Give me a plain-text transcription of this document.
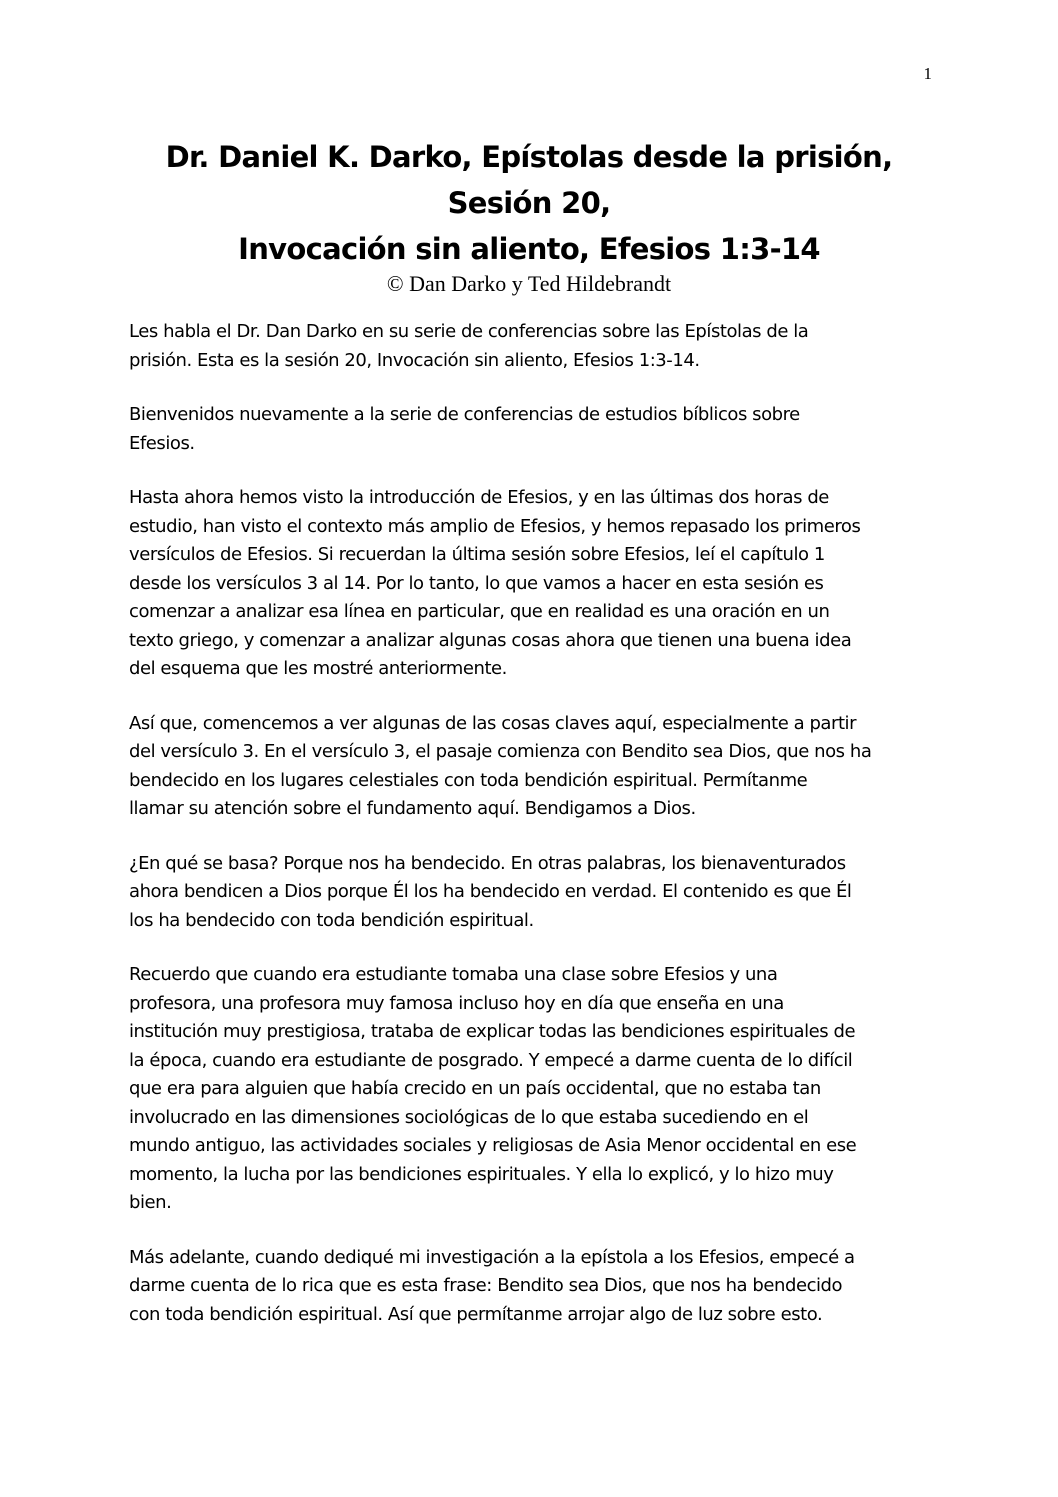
1
Dr. Daniel K. Darko, Epístolas desde la prisión,
Sesión 20,
Invocación sin aliento, Efesios 1:3-14
© Dan Darko y Ted Hildebrandt

Les habla el Dr. Dan Darko en su serie de conferencias sobre las Epístolas de la
prisión. Esta es la sesión 20, Invocación sin aliento, Efesios 1:3-14.

Bienvenidos nuevamente a la serie de conferencias de estudios bíblicos sobre
Efesios.

Hasta ahora hemos visto la introducción de Efesios, y en las últimas dos horas de
estudio, han visto el contexto más amplio de Efesios, y hemos repasado los primeros
versículos de Efesios. Si recuerdan la última sesión sobre Efesios, leí el capítulo 1
desde los versículos 3 al 14. Por lo tanto, lo que vamos a hacer en esta sesión es
comenzar a analizar esa línea en particular, que en realidad es una oración en un
texto griego, y comenzar a analizar algunas cosas ahora que tienen una buena idea
del esquema que les mostré anteriormente.

Así que, comencemos a ver algunas de las cosas claves aquí, especialmente a partir
del versículo 3. En el versículo 3, el pasaje comienza con Bendito sea Dios, que nos ha
bendecido en los lugares celestiales con toda bendición espiritual. Permítanme
llamar su atención sobre el fundamento aquí. Bendigamos a Dios.

¿En qué se basa? Porque nos ha bendecido. En otras palabras, los bienaventurados
ahora bendicen a Dios porque Él los ha bendecido en verdad. El contenido es que Él
los ha bendecido con toda bendición espiritual.

Recuerdo que cuando era estudiante tomaba una clase sobre Efesios y una
profesora, una profesora muy famosa incluso hoy en día que enseña en una
institución muy prestigiosa, trataba de explicar todas las bendiciones espirituales de
la época, cuando era estudiante de posgrado. Y empecé a darme cuenta de lo difícil
que era para alguien que había crecido en un país occidental, que no estaba tan
involucrado en las dimensiones sociológicas de lo que estaba sucediendo en el
mundo antiguo, las actividades sociales y religiosas de Asia Menor occidental en ese
momento, la lucha por las bendiciones espirituales. Y ella lo explicó, y lo hizo muy
bien.

Más adelante, cuando dediqué mi investigación a la epístola a los Efesios, empecé a
darme cuenta de lo rica que es esta frase: Bendito sea Dios, que nos ha bendecido
con toda bendición espiritual. Así que permítanme arrojar algo de luz sobre esto.
